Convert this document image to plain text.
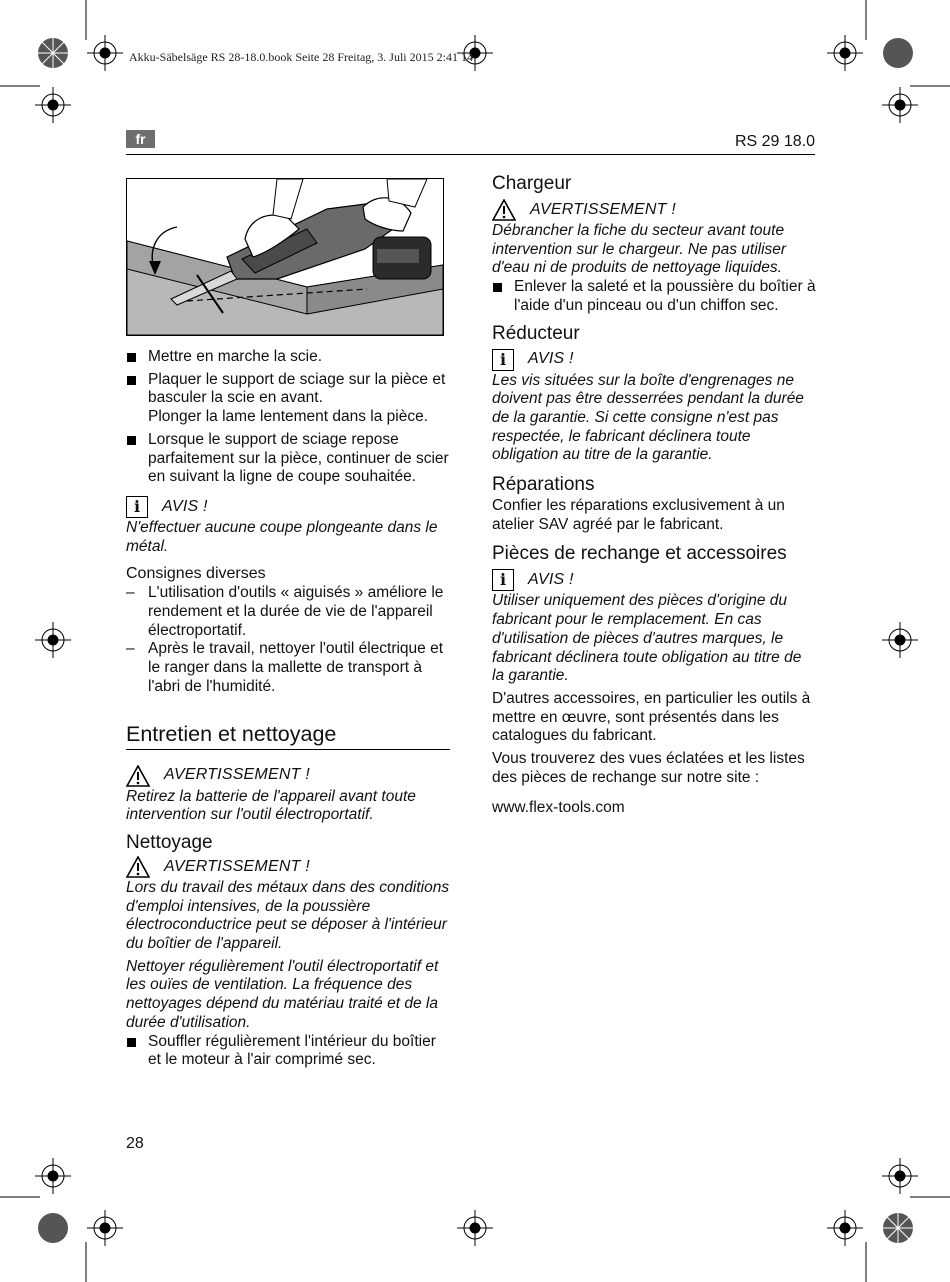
Akku-Säbelsäge RS 28-18.0.book Seite 28 Freitag, 3. Juli 2015 2:41 14
fr	RS 29 18.0
Mettre en marche la scie.
Plaquer le support de sciage sur la pièce et basculer la scie en avant.
Plonger la lame lentement dans la pièce.
Lorsque le support de sciage repose parfaitement sur la pièce, continuer de scier en suivant la ligne de coupe souhaitée.
i	AVIS !
N'effectuer aucune coupe plongeante dans le métal.
Consignes diverses
– L'utilisation d'outils « aiguisés » améliore le rendement et la durée de vie de l'appareil électroportatif.
– Après le travail, nettoyer l'outil électrique et le ranger dans la mallette de transport à l'abri de l'humidité.
Entretien et nettoyage
AVERTISSEMENT !
Retirez la batterie de l'appareil avant toute intervention sur l'outil électroportatif.
Nettoyage
AVERTISSEMENT !
Lors du travail des métaux dans des conditions d'emploi intensives, de la poussière électroconductrice peut se déposer à l'intérieur du boîtier de l'appareil.
Nettoyer régulièrement l'outil électroportatif et les ouïes de ventilation. La fréquence des nettoyages dépend du matériau traité et de la durée d'utilisation.
Souffler régulièrement l'intérieur du boîtier et le moteur à l'air comprimé sec.
Chargeur
AVERTISSEMENT !
Débrancher la fiche du secteur avant toute intervention sur le chargeur. Ne pas utiliser d'eau ni de produits de nettoyage liquides.
Enlever la saleté et la poussière du boîtier à l'aide d'un pinceau ou d'un chiffon sec.
Réducteur
i	AVIS !
Les vis situées sur la boîte d'engrenages ne doivent pas être desserrées pendant la durée de la garantie. Si cette consigne n'est pas respectée, le fabricant déclinera toute obligation au titre de la garantie.
Réparations
Confier les réparations exclusivement à un atelier SAV agréé par le fabricant.
Pièces de rechange et accessoires
i	AVIS !
Utiliser uniquement des pièces d'origine du fabricant pour le remplacement. En cas d'utilisation de pièces d'autres marques, le fabricant déclinera toute obligation au titre de la garantie.
D'autres accessoires, en particulier les outils à mettre en œuvre, sont présentés dans les catalogues du fabricant.
Vous trouverez des vues éclatées et les listes des pièces de rechange sur notre site :
www.flex-tools.com
28
